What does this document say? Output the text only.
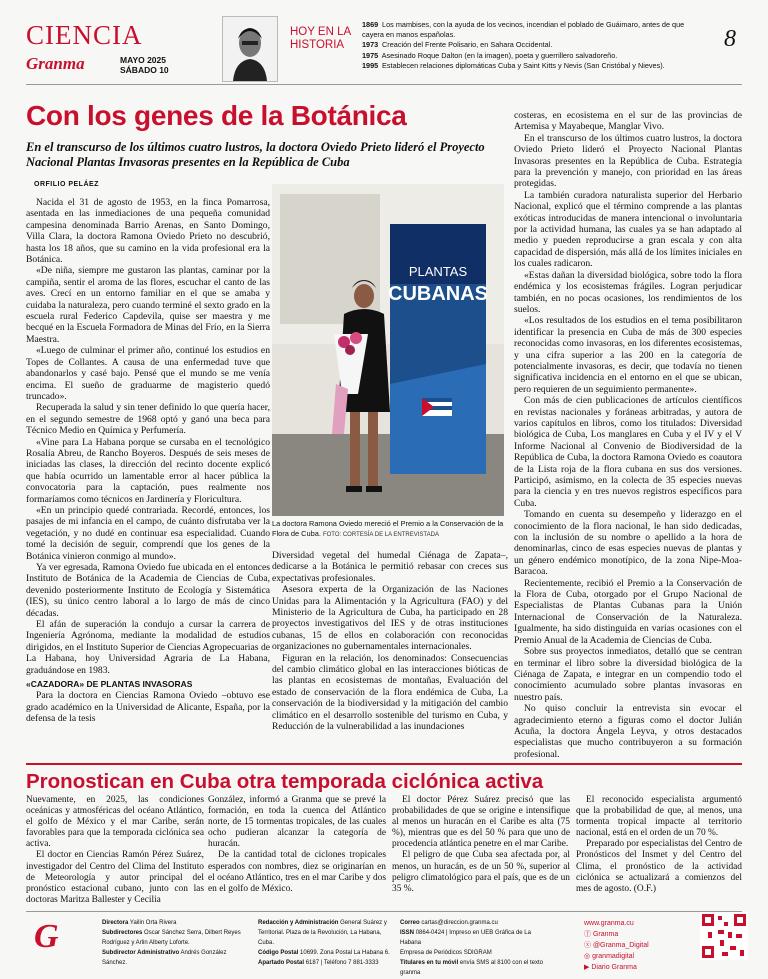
CIENCIA
Granma	MAYO 2025
SÁBADO 10
HOY EN LA
HISTORIA
1869 Los mambises, con la ayuda de los vecinos, incendian el poblado de Guáimaro, antes de que cayera en manos españolas.
1973 Creación del Frente Polisario, en Sahara Occidental.
1975 Asesinado Roque Dalton (en la imagen), poeta y guerrillero salvadoreño.
1995 Establecen relaciones diplomáticas Cuba y Saint Kitts y Nevis (San Cristóbal y Nieves).
8
Con los genes de la Botánica
En el transcurso de los últimos cuatro lustros, la doctora Oviedo Prieto lideró el Proyecto Nacional Plantas Invasoras presentes en la República de Cuba
ORFILIO PELÁEZ

Nacida el 31 de agosto de 1953, en la finca Pomarrosa, asentada en las inmediaciones de una pequeña comunidad campesina denominada Barrio Arenas, en Santo Domingo, Villa Clara, la doctora Ramona Oviedo Prieto no descubrió, hasta los 18 años, que su camino en la vida profesional era la Botánica.

«De niña, siempre me gustaron las plantas, caminar por la campiña, sentir el aroma de las flores, escuchar el canto de las aves. Crecí en un entorno familiar en el que se amaba y cuidaba la naturaleza, pero cuando terminé el sexto grado en la escuela rural Federico Capdevila, quise ser maestra y me becqué en la Escuela Formadora de Minas del Frío, en la Sierra Maestra.

«Luego de culminar el primer año, continué los estudios en Topes de Collantes. A causa de una enfermedad tuve que abandonarlos y casé bajo. Pensé que el mundo se me venía encima. El sueño de graduarme de magisterio quedó truncado».

Recuperada la salud y sin tener definido lo que quería hacer, en el segundo semestre de 1968 optó y ganó una beca para Técnico Medio en Química y Perfumería.

«Vine para La Habana porque se cursaba en el tecnológico Rosalía Abreu, de Rancho Boyeros. Después de seis meses de iniciadas las clases, la dirección del recinto docente explicó que había ocurrido un lamentable error al hacer pública la convocatoria para la captación, pues realmente nos formaríamos como técnicos en Jardinería y Floricultura.

«En un principio quedé contrariada. Recordé, entonces, los pasajes de mi infancia en el campo, de cuánto disfrutaba ver la vegetación, y no dudé en continuar esa especialidad. Cuando tomé la decisión de seguir, comprendí que los genes de la Botánica vinieron conmigo al mundo».

Ya ver egresada, Ramona Oviedo fue ubicada en el entonces Instituto de Botánica de la Academia de Ciencias de Cuba, devenido posteriormente Instituto de Ecología y Sistemática (IES), su único centro laboral a lo largo de más de cinco décadas.

El afán de superación la condujo a cursar la carrera de Ingeniería Agrónoma, mediante la modalidad de estudios dirigidos, en el Instituto Superior de Ciencias Agropecuarias de La Habana, hoy Universidad Agraria de La Habana, graduándose en 1983.

«CAZADORA» DE PLANTAS INVASORAS

Para la doctora en Ciencias Ramona Oviedo –obtuvo ese grado académico en la Universidad de Alicante, España, por la defensa de la tesis

PLANTAS
CUBANAS
La doctora Ramona Oviedo mereció el Premio a la Conservación de la Flora de Cuba. FOTO: CORTESÍA DE LA ENTREVISTADA

Diversidad vegetal del humedal Ciénaga de Zapata–, dedicarse a la Botánica le permitió rebasar con creces sus expectativas profesionales.

Asesora experta de la Organización de las Naciones Unidas para la Alimentación y la Agricultura (FAO) y del Ministerio de la Agricultura de Cuba, ha participado en 28 proyectos investigativos del IES y de otras instituciones cubanas, 15 de ellos en colaboración con reconocidas organizaciones no gubernamentales internacionales.

Figuran en la relación, los denominados: Consecuencias del cambio climático global en las interacciones bióticas de las plantas en ecosistemas de montañas, Evaluación del estado de conservación de la flora endémica de Cuba, La conservación de la biodiversidad y la mitigación del cambio climático en el desarrollo sostenible del turismo en Cuba, y Reducción de la vulnerabilidad a las inundaciones

costeras, en ecosistema en el sur de las provincias de Artemisa y Mayabeque, Manglar Vivo.

En el transcurso de los últimos cuatro lustros, la doctora Oviedo Prieto lideró el Proyecto Nacional Plantas Invasoras presentes en la República de Cuba. Estrategia para la prevención y manejo, con prioridad en las áreas protegidas.

La también curadora naturalista superior del Herbario Nacional, explicó que el término comprende a las plantas exóticas introducidas de manera intencional o involuntaria por la actividad humana, las cuales ya se han adaptado al medio y pueden reproducirse a gran escala y con alta capacidad de dispersión, más allá de los límites iniciales en los cuales radicaron.

«Estas dañan la diversidad biológica, sobre todo la flora endémica y los ecosistemas frágiles. Logran perjudicar también, en no pocas ocasiones, los rendimientos de los suelos.

«Los resultados de los estudios en el tema posibilitaron identificar la presencia en Cuba de más de 300 especies reconocidas como invasoras, en los diferentes ecosistemas, y una cifra superior a las 200 en la categoría de potencialmente invasoras, es decir, que todavía no tienen significativa incidencia en el entorno en el que se ubican, pero requieren de un seguimiento permanente».

Con más de cien publicaciones de artículos científicos en revistas nacionales y foráneas arbitradas, y autora de varios capítulos en libros, como los titulados: Diversidad biológica de Cuba, Los manglares en Cuba y el IV y el V Informe Nacional al Convenio de Biodiversidad de la República de Cuba, la doctora Ramona Oviedo es coautora de la Lista roja de la flora cubana en sus dos versiones. Participó, asimismo, en la colecta de 35 especies nuevas para la ciencia y en tres nuevos registros específicos para Cuba.

Tomando en cuenta su desempeño y liderazgo en el conocimiento de la flora nacional, le han sido dedicadas, con la inclusión de su nombre o apellido a la hora de denominarlas, cinco de esas especies nuevas de plantas y un género endémico monotípico, de la zona Nipe-Moa-Baracoa.

Recientemente, recibió el Premio a la Conservación de la Flora de Cuba, otorgado por el Grupo Nacional de Especialistas de Plantas Cubanas para la Unión Internacional de Conservación de la Naturaleza. Igualmente, ha sido distinguida en varias ocasiones con el Premio Anual de la Academia de Ciencias de Cuba.

Sobre sus proyectos inmediatos, detalló que se centran en terminar el libro sobre la diversidad biológica de la Ciénaga de Zapata, e integrar en un compendio todo el conocimiento acumulado sobre plantas invasoras en nuestro país.

No quiso concluir la entrevista sin evocar el agradecimiento eterno a figuras como el doctor Julián Acuña, la doctora Ángela Leyva, y otros destacados especialistas que mucho contribuyeron a su formación profesional.

Pronostican en Cuba otra temporada ciclónica activa

Nuevamente, en 2025, las condiciones oceánicas y atmosféricas del océano Atlántico, el golfo de México y el mar Caribe, serán favorables para que la temporada ciclónica sea activa.

El doctor en Ciencias Ramón Pérez Suárez, investigador del Centro del Clima del Instituto de Meteorología y autor principal del pronóstico estacional cubano, junto con las doctoras Maritza Ballester y Cecilia

González, informó a Granma que se prevé la formación, en toda la cuenca del Atlántico norte, de 15 tormentas tropicales, de las cuales ocho pudieran alcanzar la categoría de huracán.

De la cantidad total de ciclones tropicales esperados con nombres, diez se originarían en el océano Atlántico, tres en el mar Caribe y dos en el golfo de México.

El doctor Pérez Suárez precisó que las probabilidades de que se origine e intensifique al menos un huracán en el Caribe es alta (75 %), mientras que es del 50 % para que uno de procedencia atlántica penetre en el mar Caribe.

El peligro de que Cuba sea afectada por, al menos, un huracán, es de un 50 %, superior al peligro climatológico para el país, que es de un 35 %.

El reconocido especialista argumentó que la probabilidad de que, al menos, una tormenta tropical impacte al territorio nacional, está en el orden de un 70 %.

Preparado por especialistas del Centro de Pronósticos del Insmet y del Centro del Clima, el pronóstico de la actividad ciclónica se actualizará a comienzos del mes de agosto. (O.F.)

G	Directora Yailin Orta Rivera
Subdirectores Oscar Sánchez Serra, Dilbert Reyes Rodríguez y Arlin Alberty Loforte.
Subdirector Administrativo Andrés González Sánchez.
Redacción y Administración General Suárez y Territorial. Plaza de la Revolución, La Habana, Cuba.
Código Postal 10699. Zona Postal La Habana 6.
Apartado Postal 6187 | Teléfono 7 881-3333
Correo cartas@direccion.granma.cu
ISSN 0864-0424 | Impreso en UEB Gráfica de La Habana
Empresa de Periódicos SDIGRAM
Titulares en tu móvil envía SMS al 8100 con el texto granma
www.granma.cu
ⓕ Granma
ⓧ @Granma_Digital
◎ granmadigital
▶ Diario Granma
